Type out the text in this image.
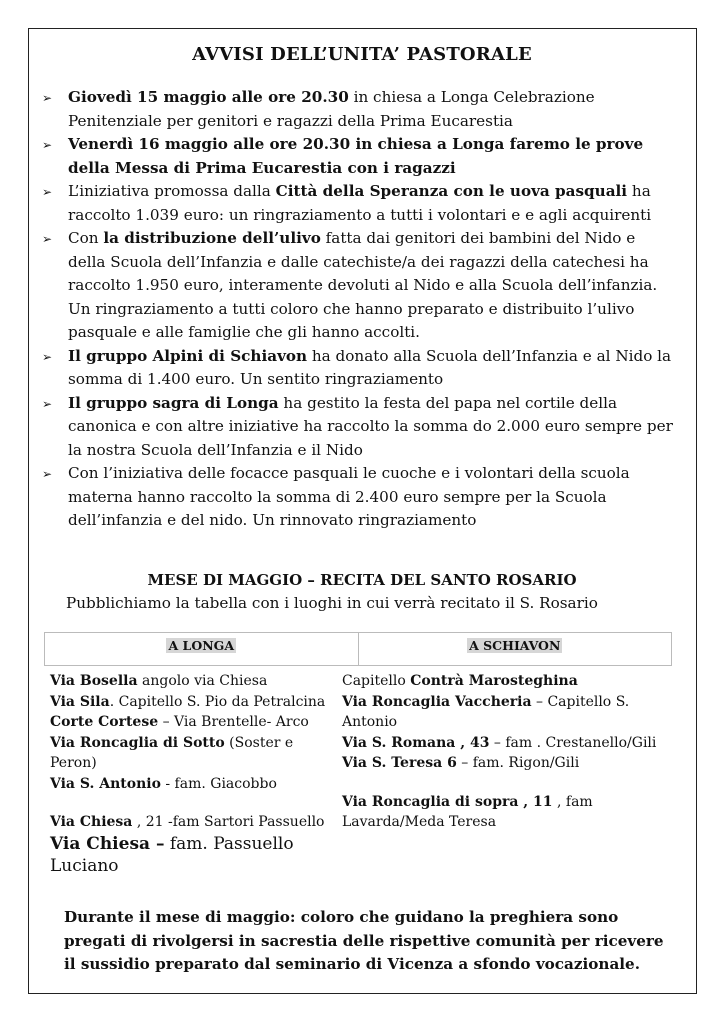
AVVISI DELL’UNITA’ PASTORALE

➢ Giovedì 15 maggio alle ore 20.30 in chiesa a Longa Celebrazione Penitenziale per genitori e ragazzi della Prima Eucarestia

➢ Venerdì 16 maggio alle ore 20.30 in chiesa a Longa faremo le prove della Messa di Prima Eucarestia con i ragazzi

➢ L’iniziativa promossa dalla Città della Speranza con le uova pasquali ha raccolto 1.039 euro: un ringraziamento a tutti i volontari e e agli acquirenti

➢ Con la distribuzione dell’ulivo fatta dai genitori dei bambini del Nido e della Scuola dell’Infanzia e dalle catechiste/a dei ragazzi della catechesi ha raccolto 1.950 euro, interamente devoluti al Nido e alla Scuola dell’infanzia. Un ringraziamento a tutti coloro che hanno preparato e distribuito l’ulivo pasquale e alle famiglie che gli hanno accolti.

➢ Il gruppo Alpini di Schiavon ha donato alla Scuola dell’Infanzia e al Nido la somma di 1.400 euro. Un sentito ringraziamento

➢ Il gruppo sagra di Longa ha gestito la festa del papa nel cortile della canonica e con altre iniziative ha raccolto la somma do 2.000 euro sempre per la nostra Scuola dell’Infanzia e il Nido

➢ Con l’iniziativa delle focacce pasquali le cuoche e i volontari della scuola materna hanno raccolto la somma di 2.400 euro sempre per la Scuola dell’infanzia e del nido. Un rinnovato ringraziamento

MESE DI MAGGIO – RECITA DEL SANTO ROSARIO
Pubblichiamo la tabella con i luoghi in cui verrà recitato il S. Rosario
A LONGA	A SCHIAVON

Via Bosella angolo via Chiesa

Via Sila. Capitello S. Pio da Petralcina

Corte Cortese – Via Brentelle- Arco

Via Roncaglia di Sotto (Soster e Peron)

Via S. Antonio - fam. Giacobbo

Via Chiesa , 21 -fam Sartori Passuello

Via Chiesa – fam. Passuello Luciano

Capitello Contrà Marosteghina

Via Roncaglia Vaccheria – Capitello S. Antonio

Via S. Romana , 43 – fam . Crestanello/Gili

Via S. Teresa 6 – fam. Rigon/Gili

Via Roncaglia di sopra , 11 , fam Lavarda/Meda Teresa

Durante il mese di maggio: coloro che guidano la preghiera sono pregati di rivolgersi in sacrestia delle rispettive comunità per ricevere il sussidio preparato dal seminario di Vicenza a sfondo vocazionale.
